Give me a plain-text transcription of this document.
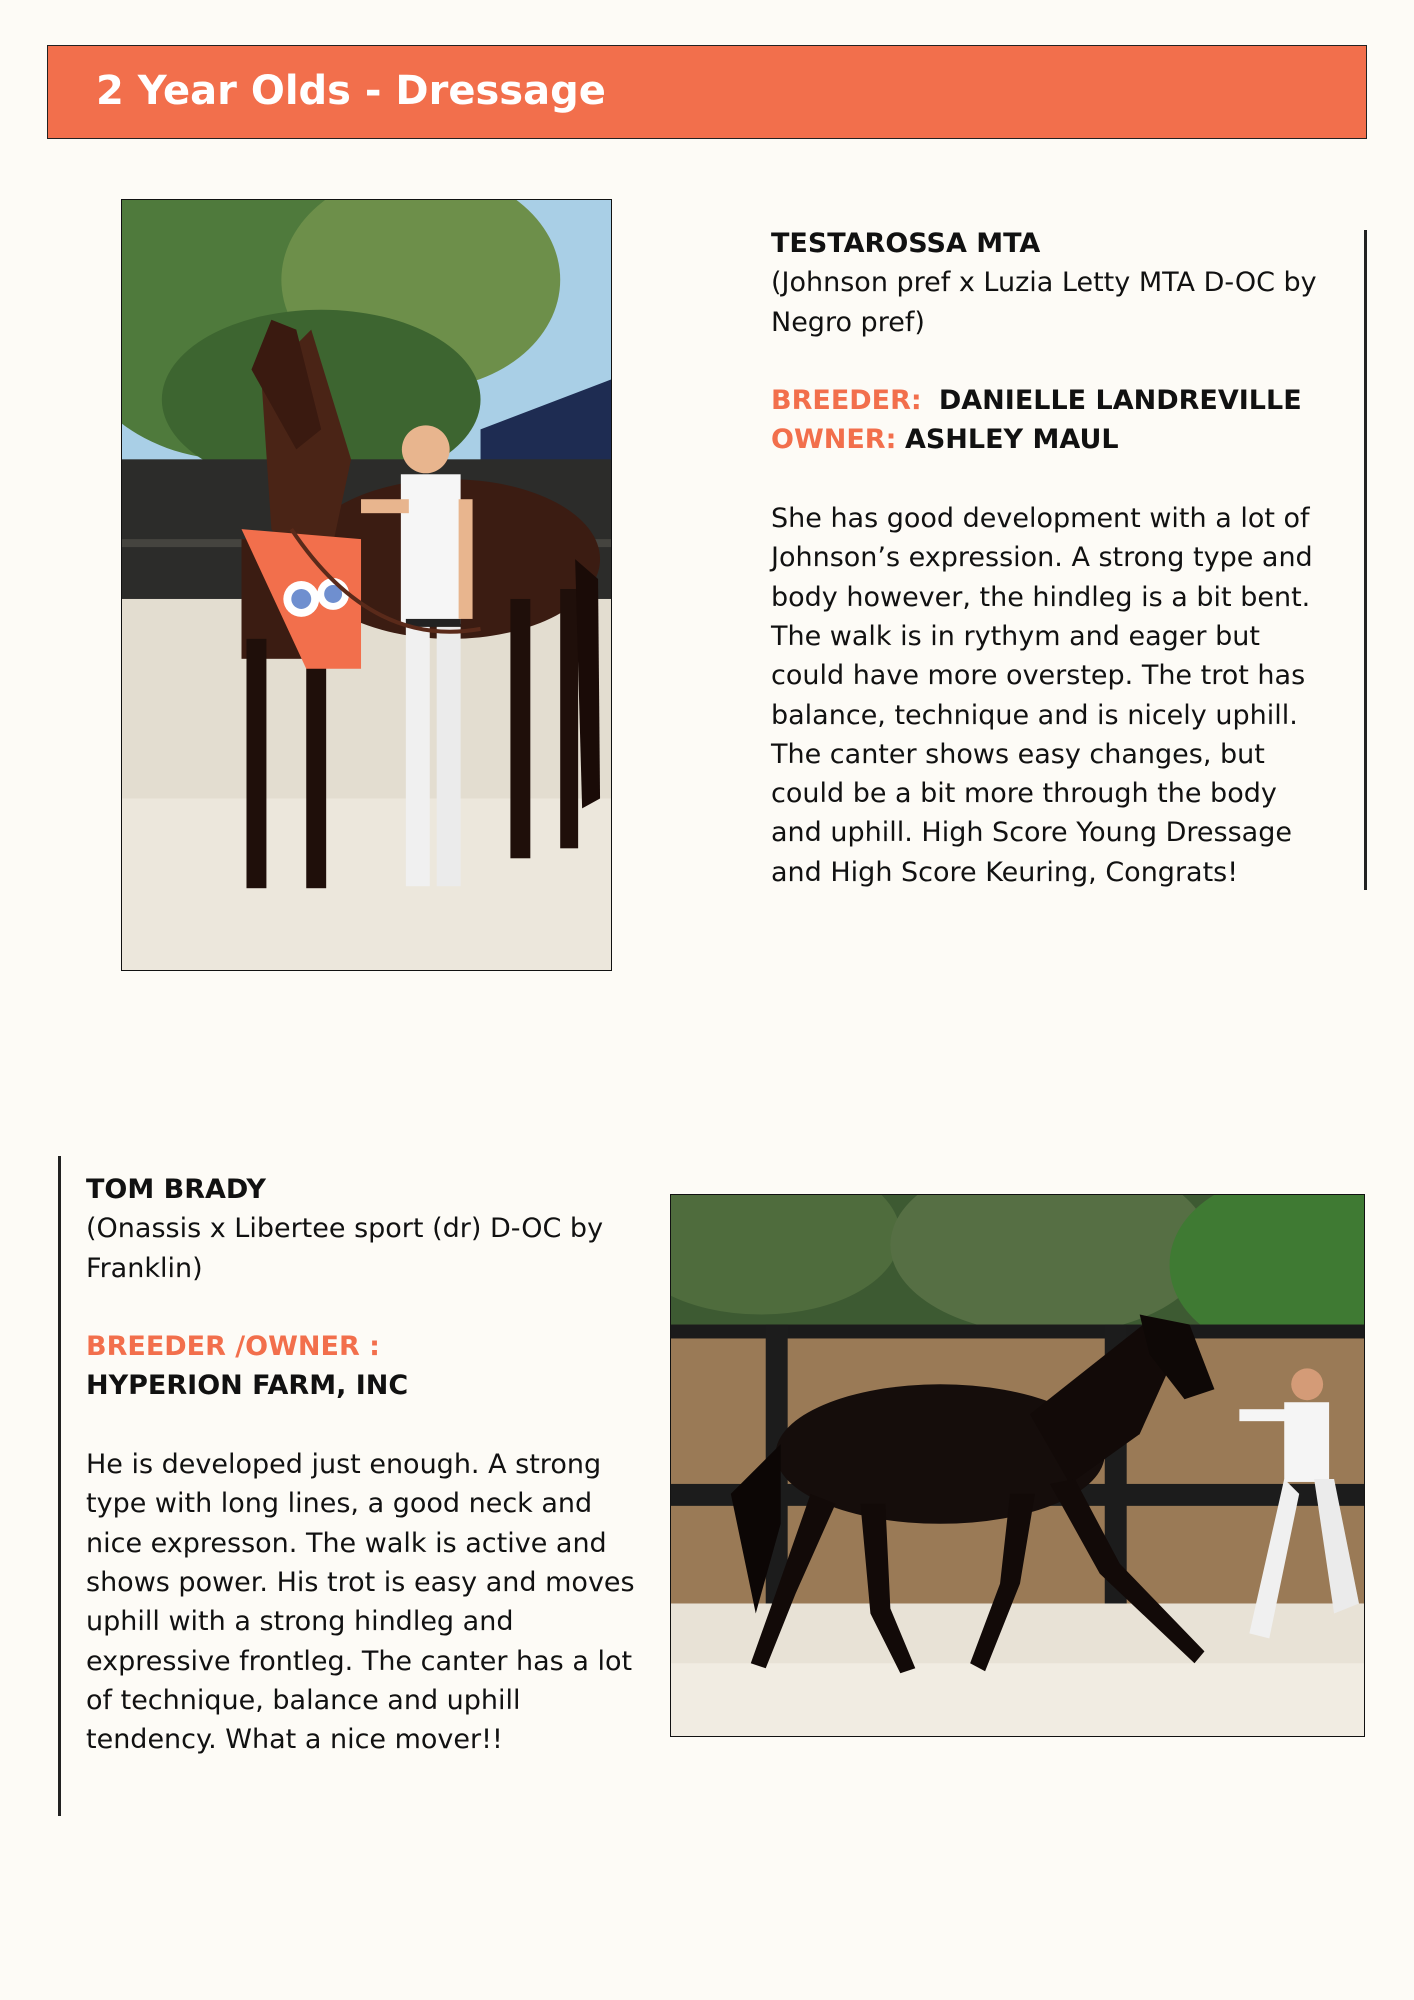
2 Year Olds - Dressage

TESTAROSSA MTA

(Johnson pref x Luzia Letty MTA D-OC by Negro pref)

BREEDER: DANIELLE LANDREVILLE

OWNER: ASHLEY MAUL

She has good development with a lot of Johnson’s expression. A strong type and body however, the hindleg is a bit bent. The walk is in rythym and eager but could have more overstep. The trot has balance, technique and is nicely uphill. The canter shows easy changes, but could be a bit more through the body and uphill. High Score Young Dressage and High Score Keuring, Congrats!

TOM BRADY

(Onassis x Libertee sport (dr) D-OC by Franklin)

BREEDER /OWNER :

HYPERION FARM, INC

He is developed just enough. A strong type with long lines, a good neck and nice expresson. The walk is active and shows power. His trot is easy and moves uphill with a strong hindleg and expressive frontleg. The canter has a lot of technique, balance and uphill tendency. What a nice mover!!
